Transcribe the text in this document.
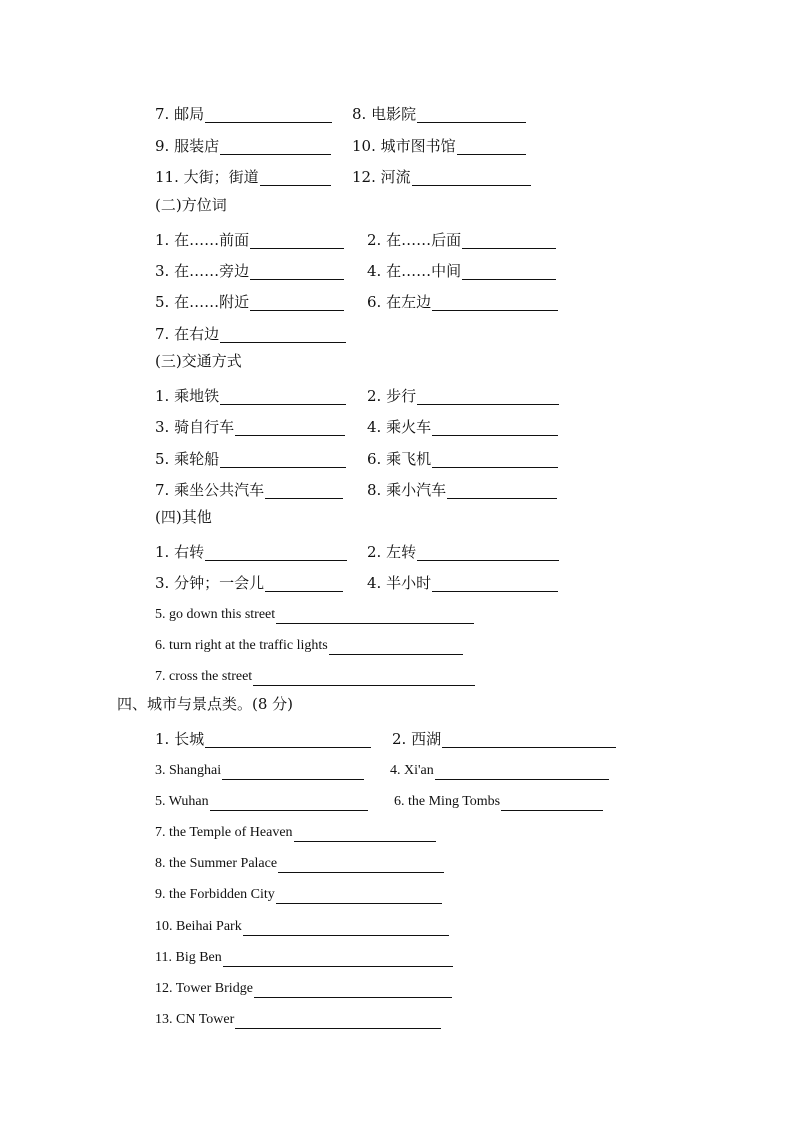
7. 邮局	8. 电影院
9. 服装店	10. 城市图书馆
11. 大街；街道	12. 河流
(二)方位词
1. 在……前面	2. 在……后面
3. 在……旁边	4. 在……中间
5. 在……附近	6. 在左边
7. 在右边
(三)交通方式
1. 乘地铁	2. 步行
3. 骑自行车	4. 乘火车
5. 乘轮船	6. 乘飞机
7. 乘坐公共汽车	8. 乘小汽车
(四)其他
1. 右转	2. 左转
3. 分钟；一会儿	4. 半小时
5. go down this street
6. turn right at the traffic lights
7. cross the street
四、城市与景点类。(8 分)
1. 长城	2. 西湖
3. Shanghai	4. Xi'an
5. Wuhan	6. the Ming Tombs
7. the Temple of Heaven
8. the Summer Palace
9. the Forbidden City
10. Beihai Park
11. Big Ben
12. Tower Bridge
13. CN Tower
